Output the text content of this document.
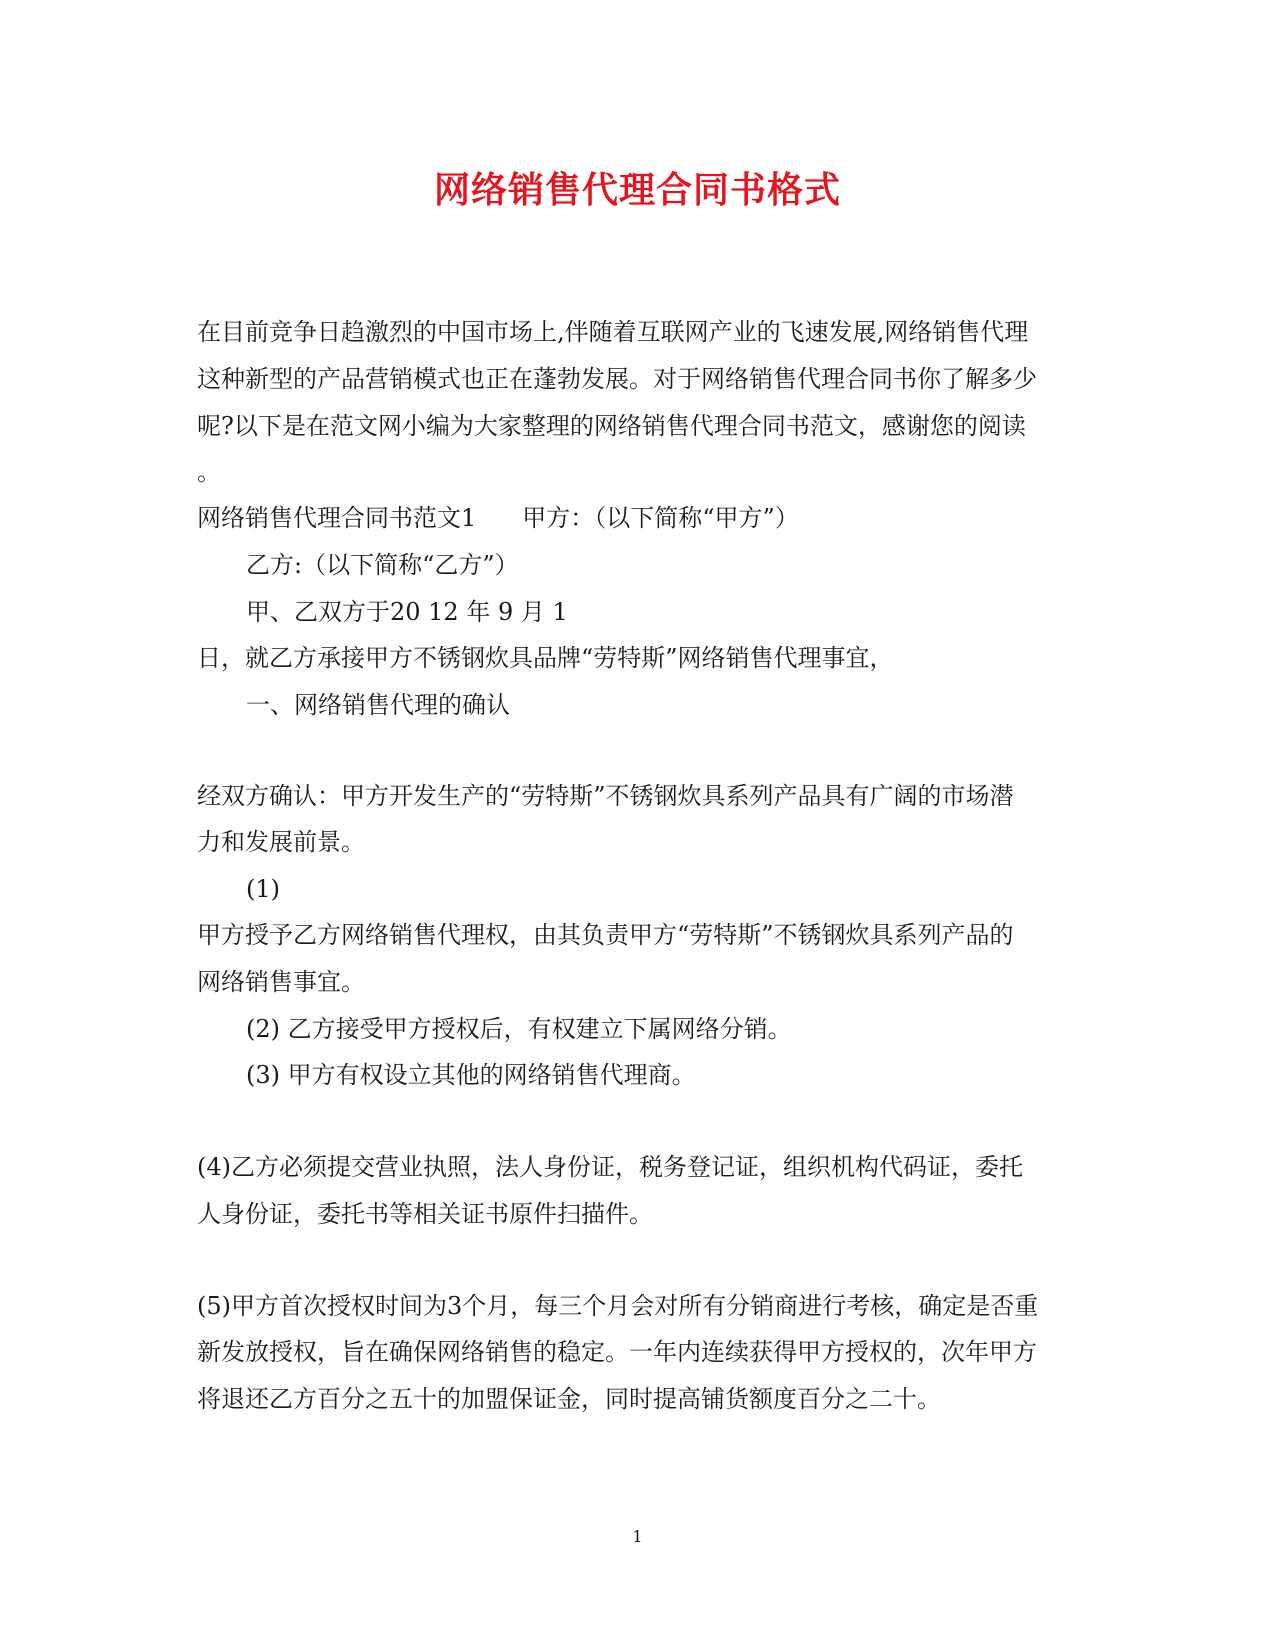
网络销售代理合同书格式
在目前竞争日趋激烈的中国市场上,伴随着互联网产业的飞速发展,网络销售代理
这种新型的产品营销模式也正在蓬勃发展。对于网络销售代理合同书你了解多少
呢?以下是在范文网小编为大家整理的网络销售代理合同书范文，感谢您的阅读
。
网络销售代理合同书范文1 甲方：（以下简称“甲方”）
乙方:（以下简称“乙方”）
甲、乙双方于20 12 年 9 月 1
日，就乙方承接甲方不锈钢炊具品牌“劳特斯”网络销售代理事宜，
一、网络销售代理的确认
经双方确认：甲方开发生产的“劳特斯”不锈钢炊具系列产品具有广阔的市场潜
力和发展前景。
(1)
甲方授予乙方网络销售代理权，由其负责甲方“劳特斯”不锈钢炊具系列产品的
网络销售事宜。
(2) 乙方接受甲方授权后，有权建立下属网络分销。
(3) 甲方有权设立其他的网络销售代理商。
(4)乙方必须提交营业执照，法人身份证，税务登记证，组织机构代码证，委托
人身份证，委托书等相关证书原件扫描件。
(5)甲方首次授权时间为3个月，每三个月会对所有分销商进行考核，确定是否重
新发放授权，旨在确保网络销售的稳定。一年内连续获得甲方授权的，次年甲方
将退还乙方百分之五十的加盟保证金，同时提高铺货额度百分之二十。
1
